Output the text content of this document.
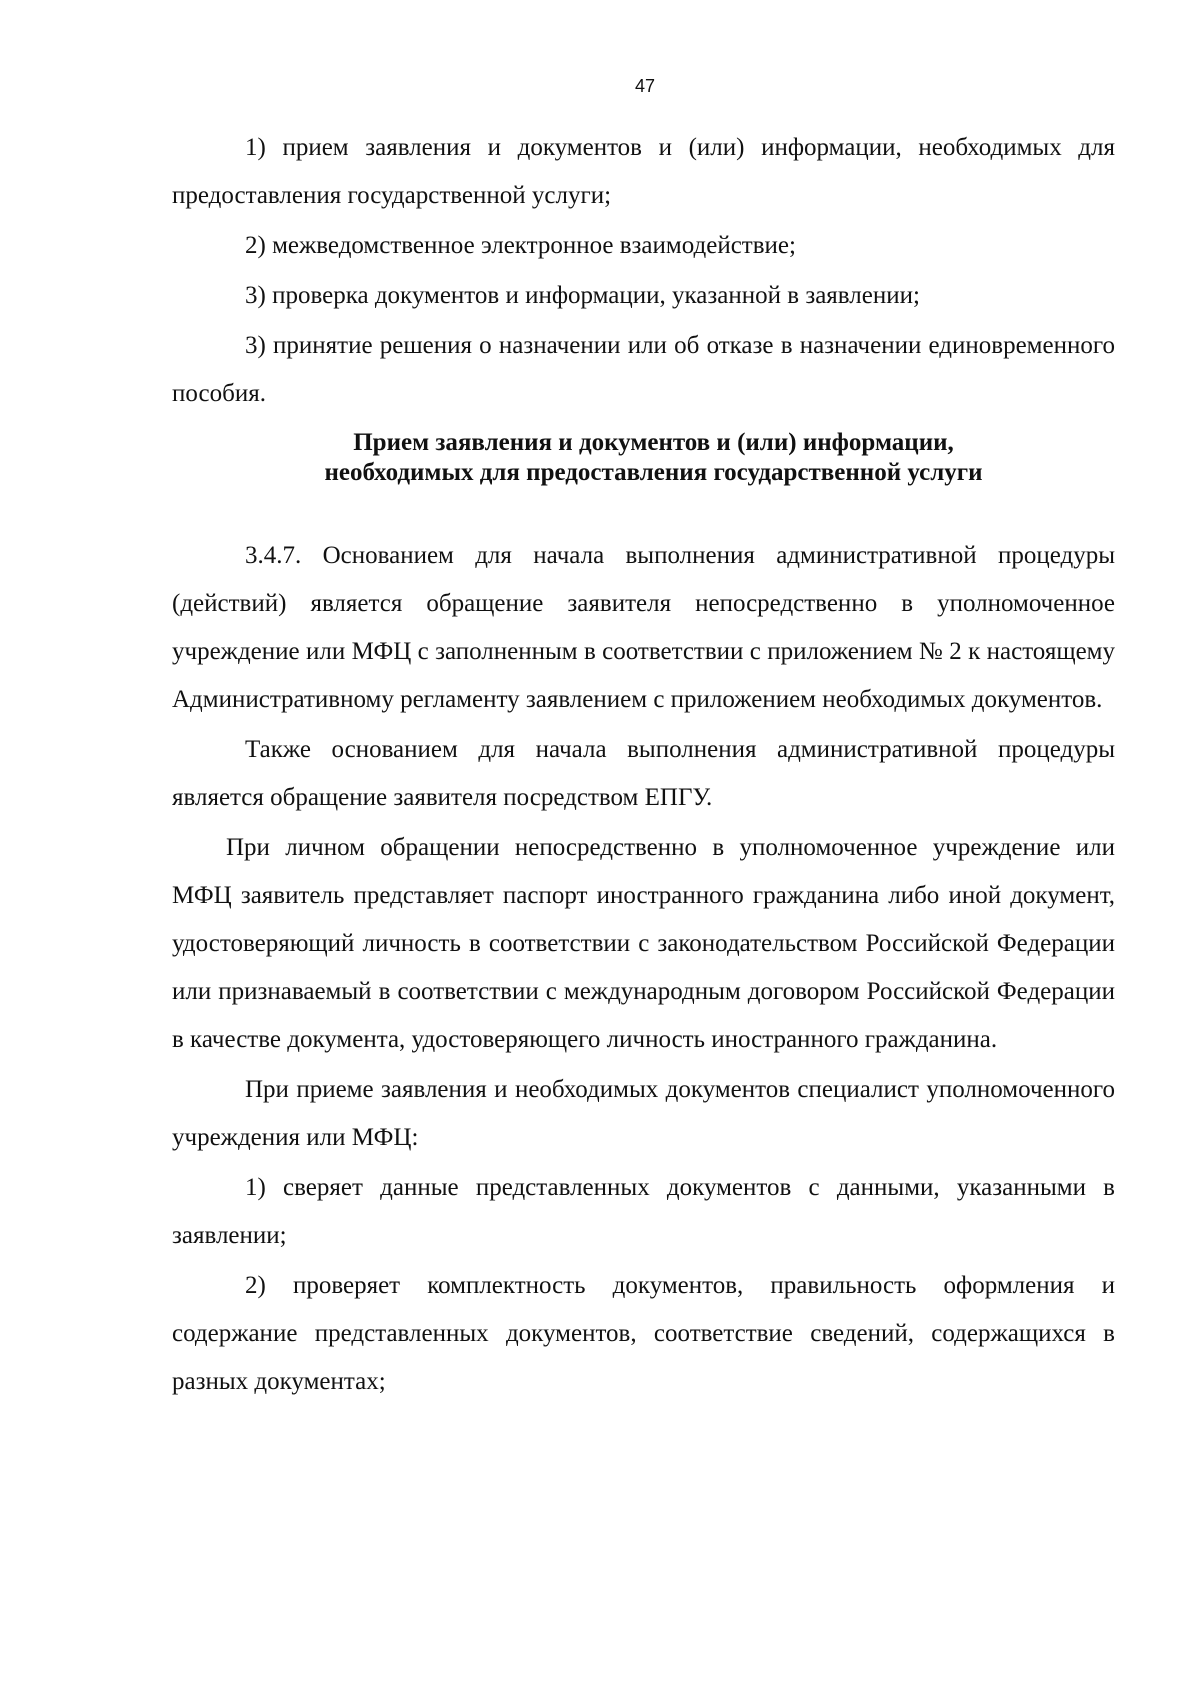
47

1) прием заявления и документов и (или) информации, необходимых для предоставления государственной услуги;

2) межведомственное электронное взаимодействие;

3) проверка документов и информации, указанной в заявлении;

3) принятие решения о назначении или об отказе в назначении единовременного пособия.

Прием заявления и документов и (или) информации,
необходимых для предоставления государственной услуги

3.4.7. Основанием для начала выполнения административной процедуры (действий) является обращение заявителя непосредственно в уполномоченное учреждение или МФЦ с заполненным в соответствии с приложением № 2 к настоящему Административному регламенту заявлением с приложением необходимых документов.

Также основанием для начала выполнения административной процедуры является обращение заявителя посредством ЕПГУ.

При личном обращении непосредственно в уполномоченное учреждение или МФЦ заявитель представляет паспорт иностранного гражданина либо иной документ, удостоверяющий личность в соответствии с законодательством Российской Федерации или признаваемый в соответствии с международным договором Российской Федерации в качестве документа, удостоверяющего личность иностранного гражданина.

При приеме заявления и необходимых документов специалист уполномоченного учреждения или МФЦ:

1) сверяет данные представленных документов с данными, указанными в заявлении;

2) проверяет комплектность документов, правильность оформления и содержание представленных документов, соответствие сведений, содержащихся в разных документах;
